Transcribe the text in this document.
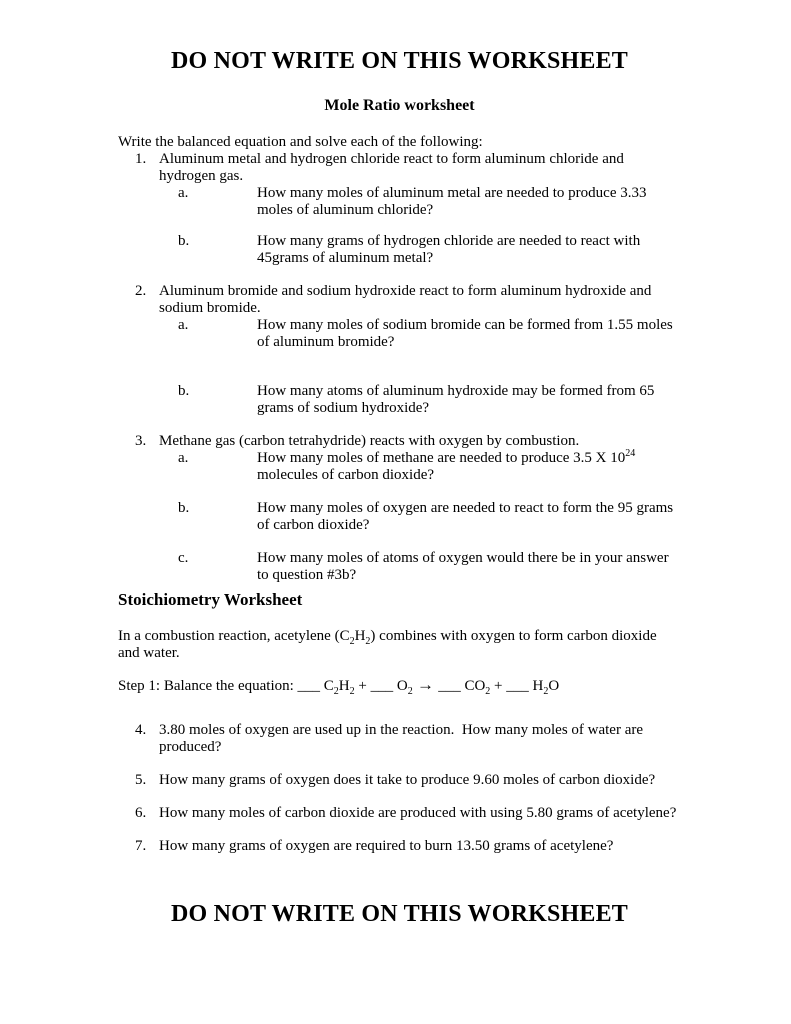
DO NOT WRITE ON THIS WORKSHEET
Mole Ratio worksheet
Write the balanced equation and solve each of the following:
1. Aluminum metal and hydrogen chloride react to form aluminum chloride and hydrogen gas.
a.	How many moles of aluminum metal are needed to produce 3.33 moles of aluminum chloride?
b.	How many grams of hydrogen chloride are needed to react with 45grams of aluminum metal?
2. Aluminum bromide and sodium hydroxide react to form aluminum hydroxide and sodium bromide.
a.	How many moles of sodium bromide can be formed from 1.55 moles of aluminum bromide?
b.	How many atoms of aluminum hydroxide may be formed from 65 grams of sodium hydroxide?
3. Methane gas (carbon tetrahydride) reacts with oxygen by combustion.
a.	How many moles of methane are needed to produce 3.5 X $10^{24}$ molecules of carbon dioxide?
b.	How many moles of oxygen are needed to react to form the 95 grams of carbon dioxide?
c.	How many moles of atoms of oxygen would there be in your answer to question #3b?
Stoichiometry Worksheet
In a combustion reaction, acetylene $(C_2H_2)$ combines with oxygen to form carbon dioxide and water.
Step 1: Balance the equation: ___ $C_2H_2$ + ___ $O_2$ → ___ $CO_2$ + ___ $H_2O$
4. 3.80 moles of oxygen are used up in the reaction.  How many moles of water are produced?
5. How many grams of oxygen does it take to produce 9.60 moles of carbon dioxide?
6. How many moles of carbon dioxide are produced with using 5.80 grams of acetylene?
7. How many grams of oxygen are required to burn 13.50 grams of acetylene?
DO NOT WRITE ON THIS WORKSHEET
